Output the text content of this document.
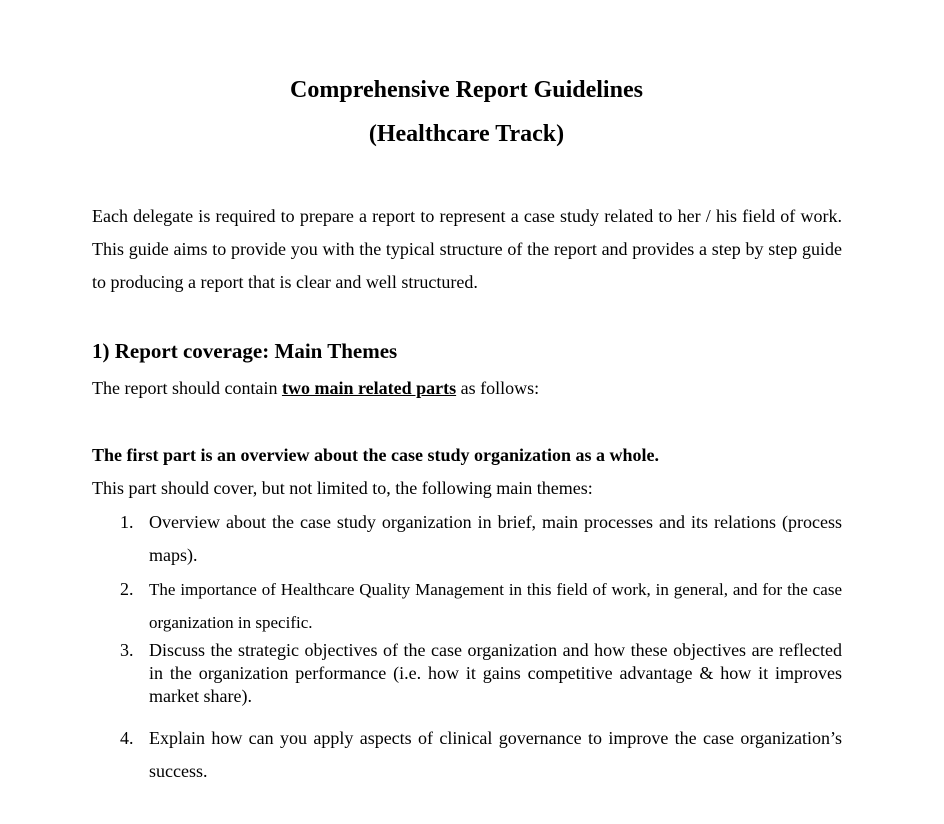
Comprehensive Report Guidelines
(Healthcare Track)

Each delegate is required to prepare a report to represent a case study related to her / his field of work. This guide aims to provide you with the typical structure of the report and provides a step by step guide to producing a report that is clear and well structured.

1) Report coverage: Main Themes

The report should contain two main related parts as follows:

The first part is an overview about the case study organization as a whole.

This part should cover, but not limited to, the following main themes:

1. Overview about the case study organization in brief, main processes and its relations (process maps).
2. The importance of Healthcare Quality Management in this field of work, in general, and for the case organization in specific.
3. Discuss the strategic objectives of the case organization and how these objectives are reflected in the organization performance (i.e. how it gains competitive advantage & how it improves market share).
4. Explain how can you apply aspects of clinical governance to improve the case organization’s success.
